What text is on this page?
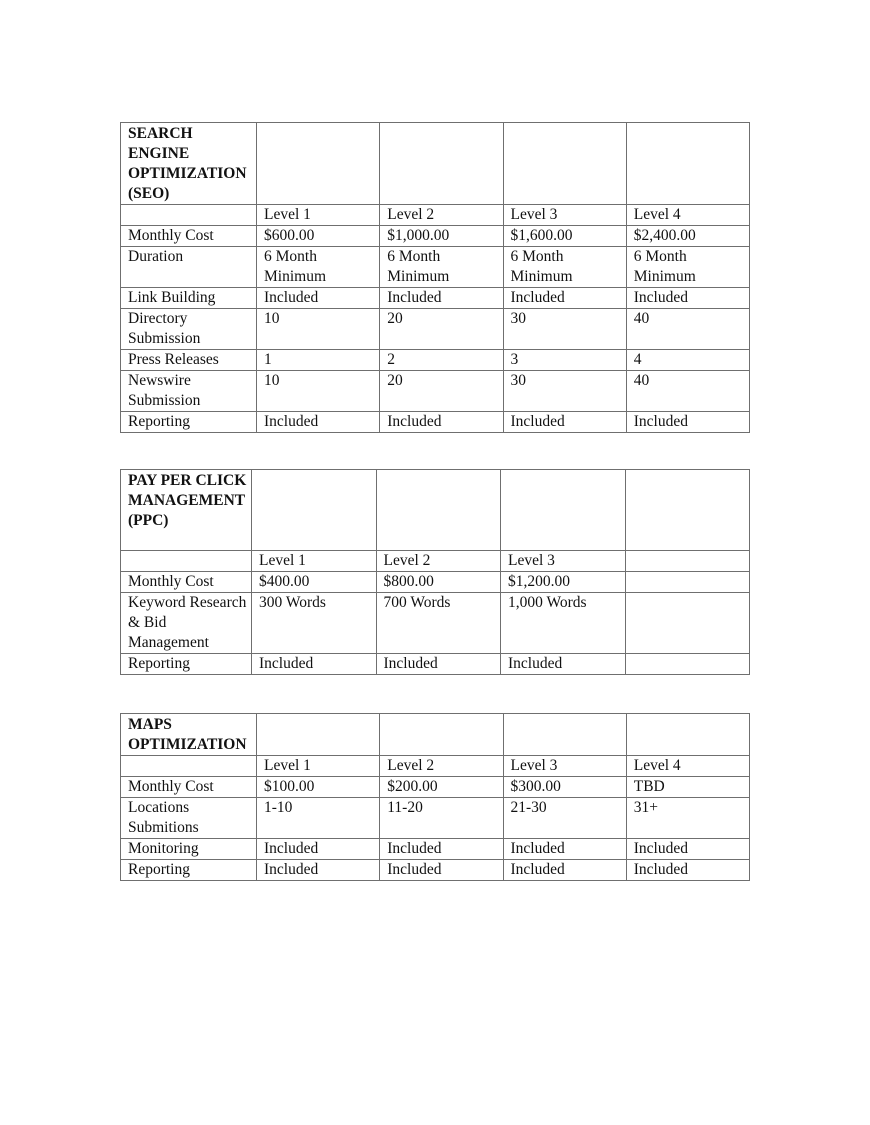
SEARCH ENGINE OPTIMIZATION (SEO)				
	Level 1	Level 2	Level 3	Level 4
Monthly Cost	$600.00	$1,000.00	$1,600.00	$2,400.00
Duration	6 Month Minimum	6 Month Minimum	6 Month Minimum	6 Month Minimum
Link Building	Included	Included	Included	Included
Directory Submission	10	20	30	40
Press Releases	1	2	3	4
Newswire Submission	10	20	30	40
Reporting	Included	Included	Included	Included
PAY PER CLICK MANAGEMENT (PPC)				
	Level 1	Level 2	Level 3	
Monthly Cost	$400.00	$800.00	$1,200.00	
Keyword Research & Bid Management	300 Words	700 Words	1,000 Words	
Reporting	Included	Included	Included	
MAPS OPTIMIZATION				
	Level 1	Level 2	Level 3	Level 4
Monthly Cost	$100.00	$200.00	$300.00	TBD
Locations Submitions	1-10	11-20	21-30	31+
Monitoring	Included	Included	Included	Included
Reporting	Included	Included	Included	Included
